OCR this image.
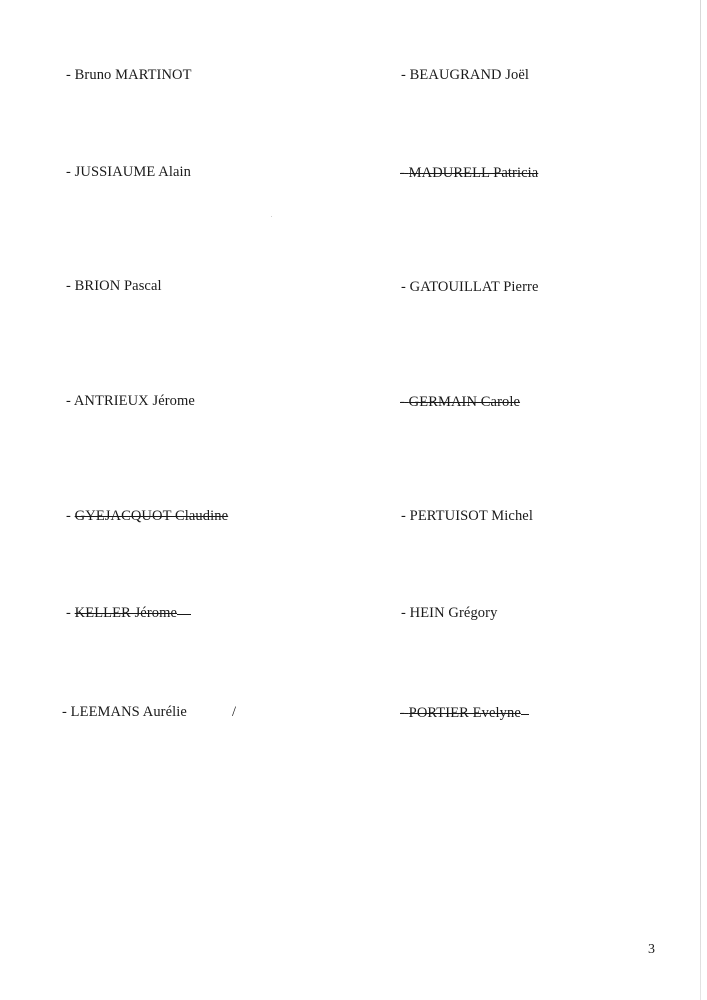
- Bruno MARTINOT	- BEAUGRAND Joël
- JUSSIAUME Alain	- MADURELL Patricia
- BRION Pascal	- GATOUILLAT Pierre
- ANTRIEUX Jérome	- GERMAIN Carole
- GYEJACQUOT Claudine	- PERTUISOT Michel
- KELLER Jérome	- HEIN Grégory
- LEEMANS Aurélie	/	- PORTIER Evelyne
3
